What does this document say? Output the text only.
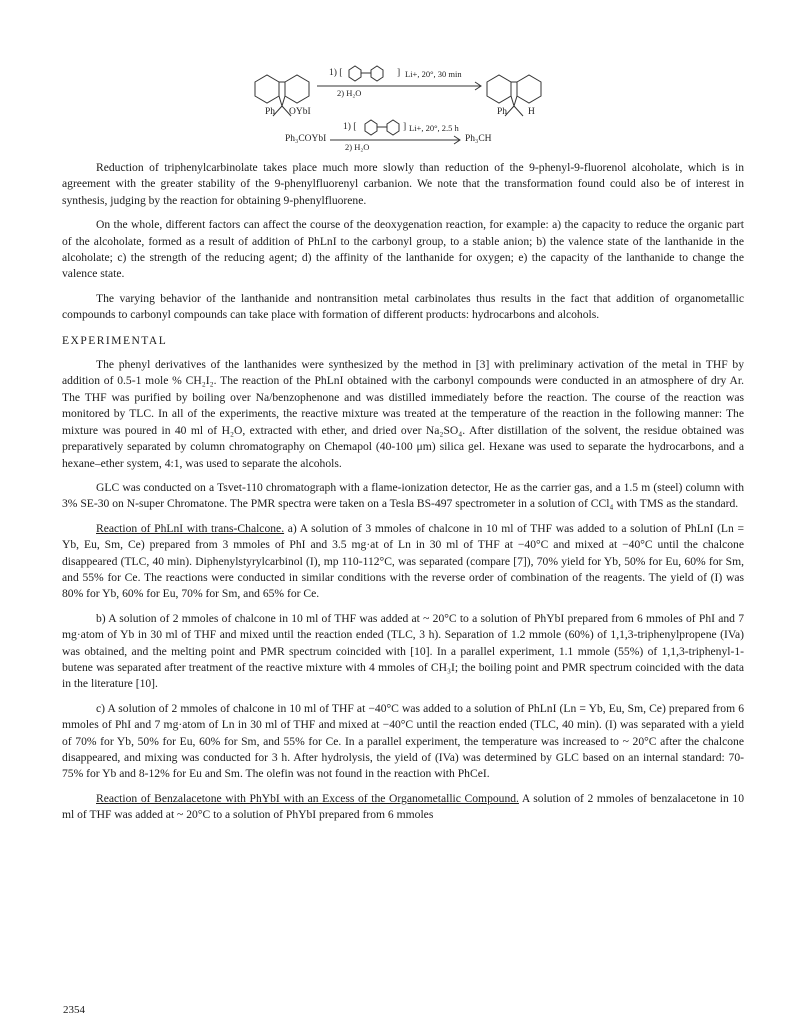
1) [	] Li+, 20°, 30 min
2) H₂O
Ph OYbI	Ph H
Ph₃COYbI
1) [	] Li+, 20°, 2.5 h
2) H₂O
Ph₃CH

Reduction of triphenylcarbinolate takes place much more slowly than reduction of the 9-phenyl-9-fluorenol alcoholate, which is in agreement with the greater stability of the 9-phenylfluorenyl carbanion. We note that the transformation found could also be of interest in synthesis, judging by the reaction for obtaining 9-phenylfluorene.

On the whole, different factors can affect the course of the deoxygenation reaction, for example: a) the capacity to reduce the organic part of the alcoholate, formed as a result of addition of PhLnI to the carbonyl group, to a stable anion; b) the valence state of the lanthanide in the alcoholate; c) the strength of the reducing agent; d) the affinity of the lanthanide for oxygen; e) the capacity of the lanthanide to change the valence state.

The varying behavior of the lanthanide and nontransition metal carbinolates thus results in the fact that addition of organometallic compounds to carbonyl compounds can take place with formation of different products: hydrocarbons and alcohols.

EXPERIMENTAL

The phenyl derivatives of the lanthanides were synthesized by the method in [3] with preliminary activation of the metal in THF by addition of 0.5-1 mole % CH₂I₂. The reaction of the PhLnI obtained with the carbonyl compounds were conducted in an atmosphere of dry Ar. The THF was purified by boiling over Na/benzophenone and was distilled immediately before the reaction. The course of the reaction was monitored by TLC. In all of the experiments, the reactive mixture was treated at the temperature of the reaction in the following manner: The mixture was poured in 40 ml of H₂O, extracted with ether, and dried over Na₂SO₄. After distillation of the solvent, the residue obtained was preparatively separated by column chromatography on Chemapol (40-100 μm) silica gel. Hexane was used to separate the hydrocarbons, and a hexane–ether system, 4:1, was used to separate the alcohols.

GLC was conducted on a Tsvet-110 chromatograph with a flame-ionization detector, He as the carrier gas, and a 1.5 m (steel) column with 3% SE-30 on N-super Chromatone. The PMR spectra were taken on a Tesla BS-497 spectrometer in a solution of CCl₄ with TMS as the standard.

Reaction of PhLnI with trans-Chalcone. a) A solution of 3 mmoles of chalcone in 10 ml of THF was added to a solution of PhLnI (Ln = Yb, Eu, Sm, Ce) prepared from 3 mmoles of PhI and 3.5 mg·at of Ln in 30 ml of THF at −40°C and mixed at −40°C until the chalcone disappeared (TLC, 40 min). Diphenylstyrylcarbinol (I), mp 110-112°C, was separated (compare [7]), 70% yield for Yb, 50% for Eu, 60% for Sm, and 55% for Ce. The reactions were conducted in similar conditions with the reverse order of combination of the reagents. The yield of (I) was 80% for Yb, 60% for Eu, 70% for Sm, and 65% for Ce.

b) A solution of 2 mmoles of chalcone in 10 ml of THF was added at ~ 20°C to a solution of PhYbI prepared from 6 mmoles of PhI and 7 mg·atom of Yb in 30 ml of THF and mixed until the reaction ended (TLC, 3 h). Separation of 1.2 mmole (60%) of 1,1,3-triphenylpropene (IVa) was obtained, and the melting point and PMR spectrum coincided with [10]. In a parallel experiment, 1.1 mmole (55%) of 1,1,3-triphenyl-1-butene was separated after treatment of the reactive mixture with 4 mmoles of CH₃I; the boiling point and PMR spectrum coincided with the data in the literature [10].

c) A solution of 2 mmoles of chalcone in 10 ml of THF at −40°C was added to a solution of PhLnI (Ln = Yb, Eu, Sm, Ce) prepared from 6 mmoles of PhI and 7 mg·atom of Ln in 30 ml of THF and mixed at −40°C until the reaction ended (TLC, 40 min). (I) was separated with a yield of 70% for Yb, 50% for Eu, 60% for Sm, and 55% for Ce. In a parallel experiment, the temperature was increased to ~ 20°C after the chalcone disappeared, and mixing was conducted for 3 h. After hydrolysis, the yield of (IVa) was determined by GLC based on an internal standard: 70-75% for Yb and 8-12% for Eu and Sm. The olefin was not found in the reaction with PhCeI.

Reaction of Benzalacetone with PhYbI with an Excess of the Organometallic Compound. A solution of 2 mmoles of benzalacetone in 10 ml of THF was added at ~ 20°C to a solution of PhYbI prepared from 6 mmoles

2354
